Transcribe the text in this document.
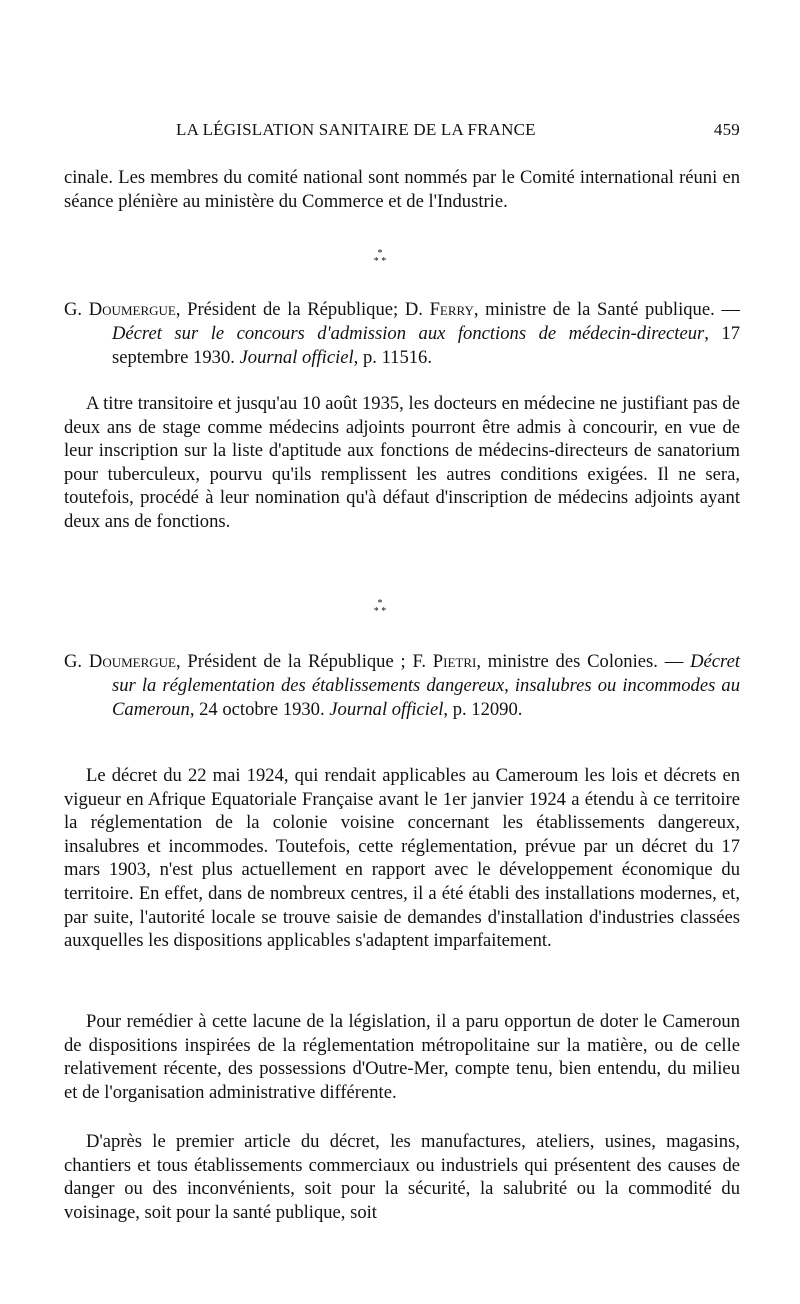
LA LÉGISLATION SANITAIRE DE LA FRANCE	459

cinale. Les membres du comité national sont nommés par le Comité international réuni en séance plénière au ministère du Commerce et de l'Industrie.

*
* *

G. Doumergue, Président de la République; D. Ferry, ministre de la Santé publique. — Décret sur le concours d'admission aux fonctions de médecin-directeur, 17 septembre 1930. Journal officiel, p. 11516.

A titre transitoire et jusqu'au 10 août 1935, les docteurs en médecine ne justifiant pas de deux ans de stage comme médecins adjoints pourront être admis à concourir, en vue de leur inscription sur la liste d'aptitude aux fonctions de médecins-directeurs de sanatorium pour tuberculeux, pourvu qu'ils remplissent les autres conditions exigées. Il ne sera, toutefois, procédé à leur nomination qu'à défaut d'inscription de médecins adjoints ayant deux ans de fonctions.

*
* *

G. Doumergue, Président de la République ; F. Pietri, ministre des Colonies. — Décret sur la réglementation des établissements dangereux, insalubres ou incommodes au Cameroun, 24 octobre 1930. Journal officiel, p. 12090.

Le décret du 22 mai 1924, qui rendait applicables au Cameroum les lois et décrets en vigueur en Afrique Equatoriale Française avant le 1er janvier 1924 a étendu à ce territoire la réglementation de la colonie voisine concernant les établissements dangereux, insalubres et incommodes. Toutefois, cette réglementation, prévue par un décret du 17 mars 1903, n'est plus actuellement en rapport avec le développement économique du territoire. En effet, dans de nombreux centres, il a été établi des installations modernes, et, par suite, l'autorité locale se trouve saisie de demandes d'installation d'industries classées auxquelles les dispositions applicables s'adaptent imparfaitement.

Pour remédier à cette lacune de la législation, il a paru opportun de doter le Cameroun de dispositions inspirées de la réglementation métropolitaine sur la matière, ou de celle relativement récente, des possessions d'Outre-Mer, compte tenu, bien entendu, du milieu et de l'organisation administrative différente.

D'après le premier article du décret, les manufactures, ateliers, usines, magasins, chantiers et tous établissements commerciaux ou industriels qui présentent des causes de danger ou des inconvénients, soit pour la sécurité, la salubrité ou la commodité du voisinage, soit pour la santé publique, soit
